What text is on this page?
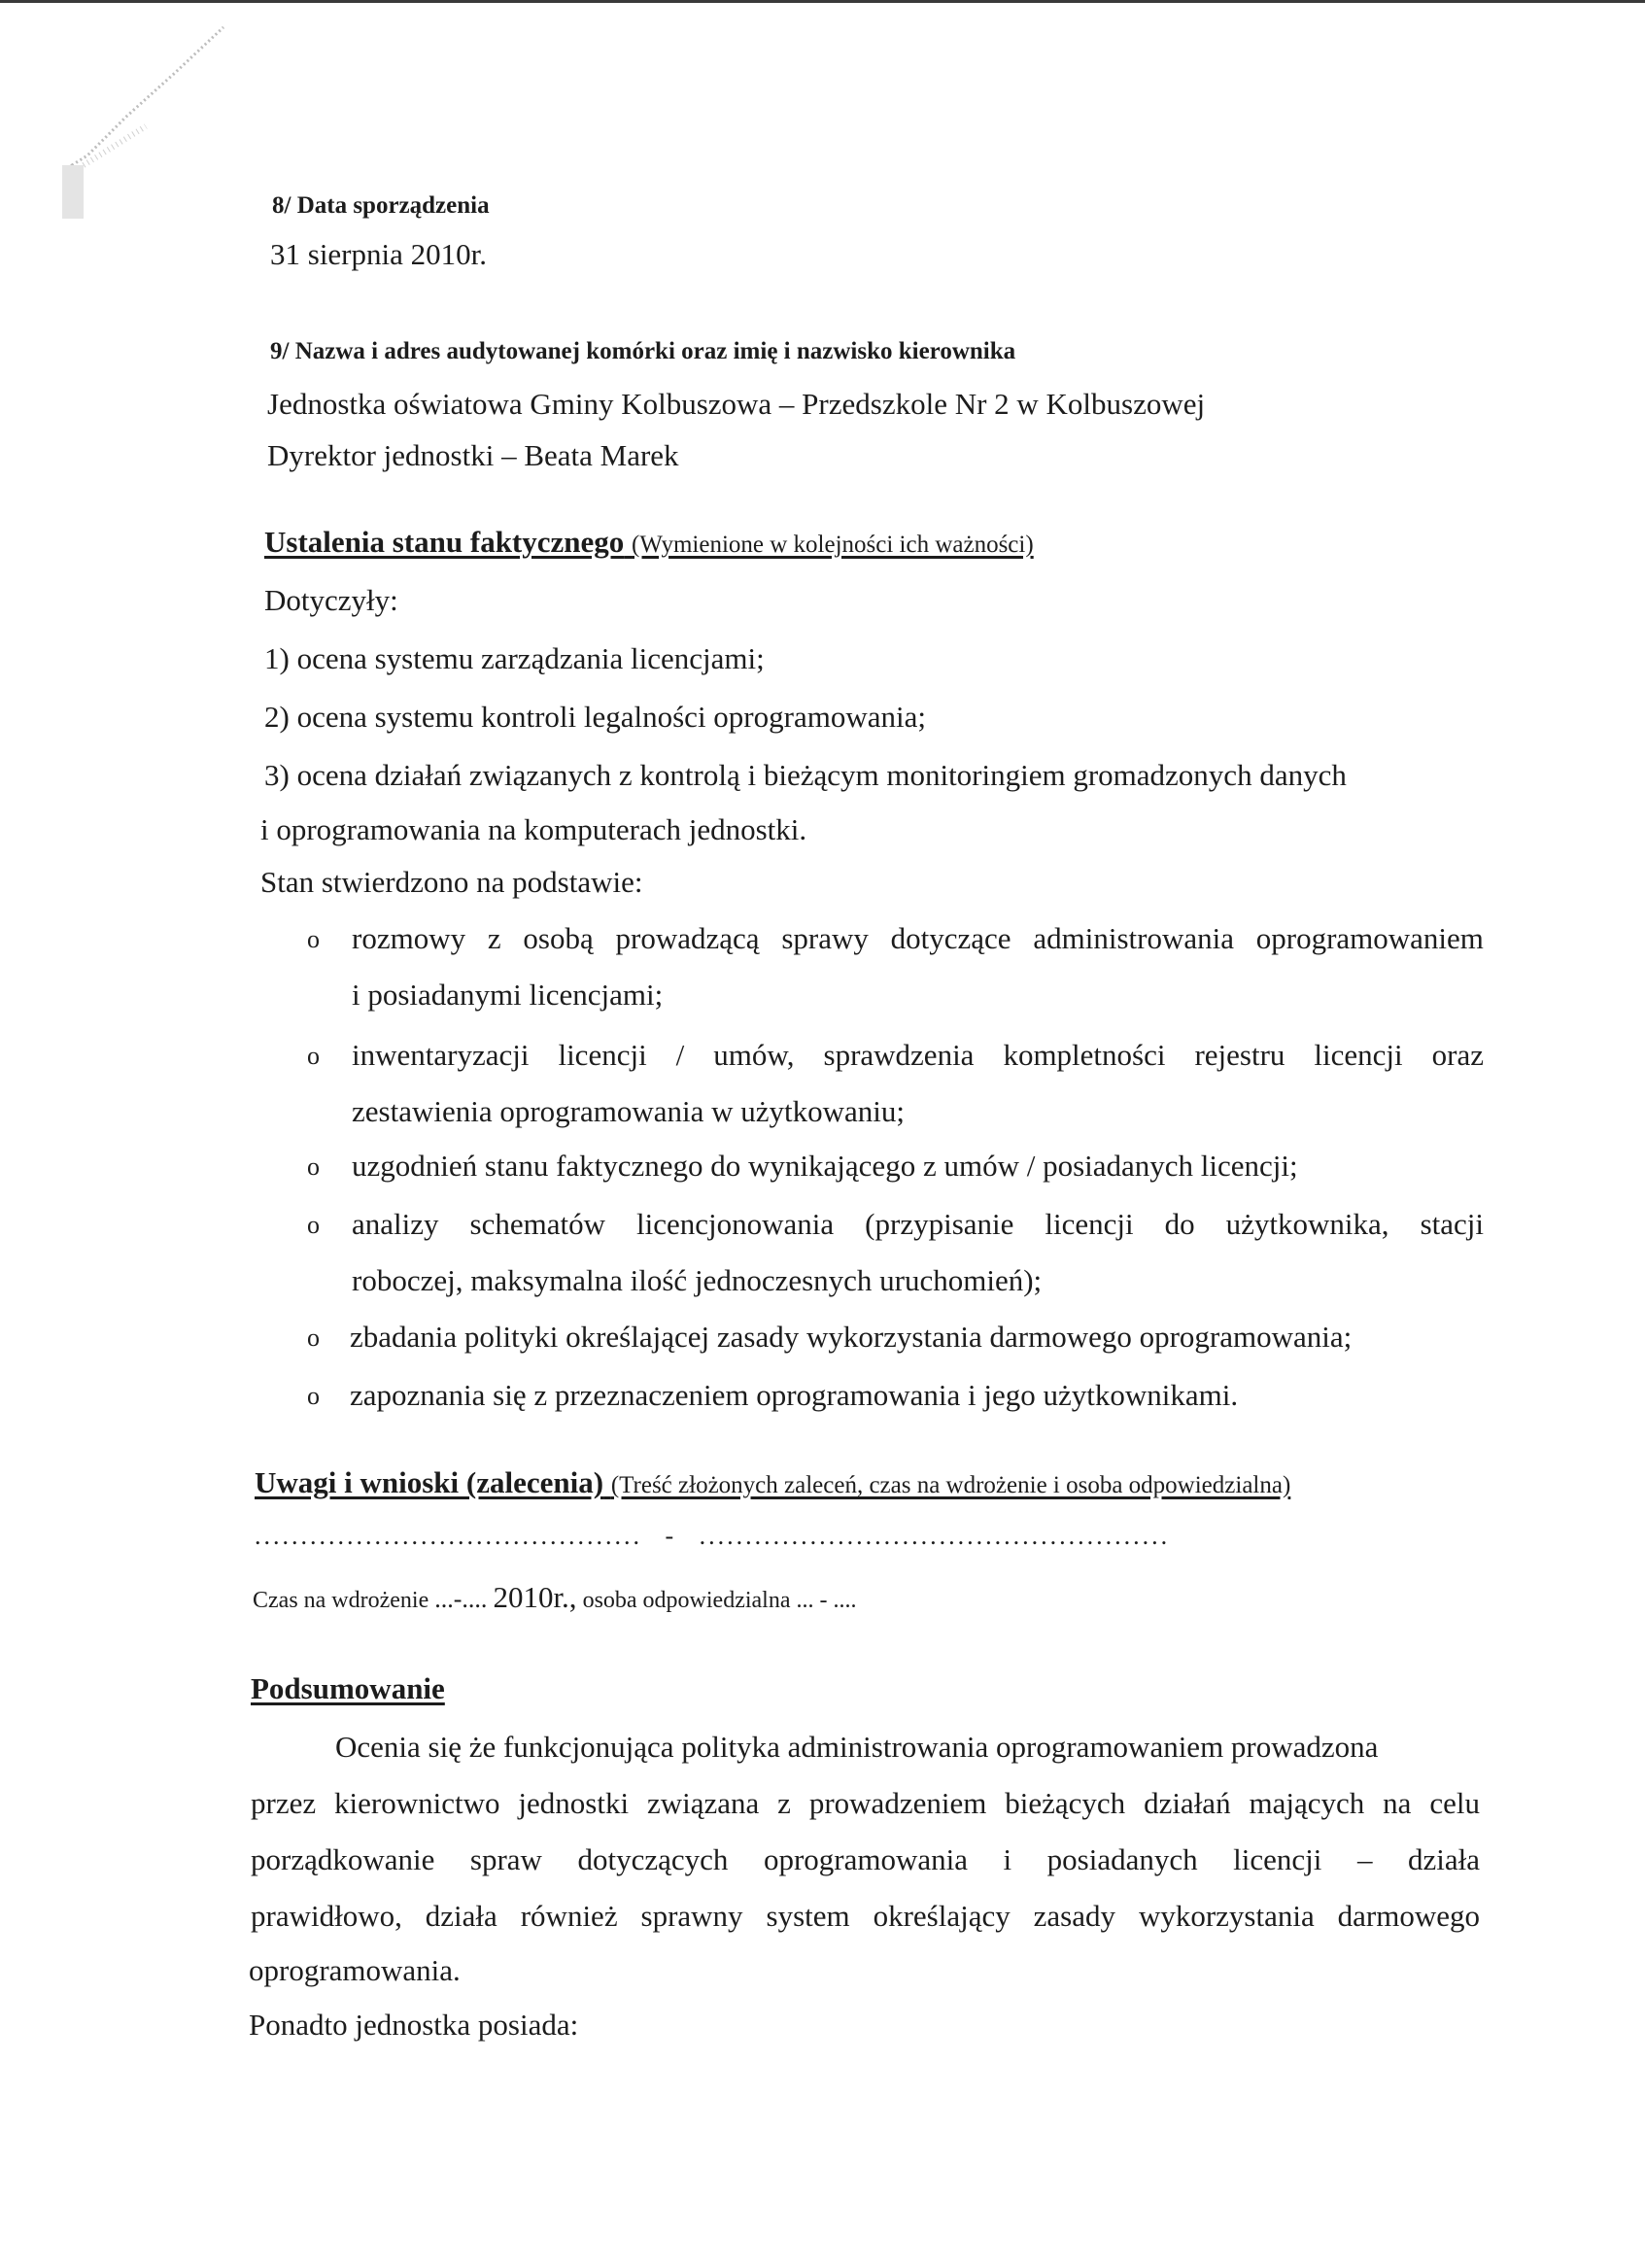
8/ Data sporządzenia
31 sierpnia 2010r.
9/ Nazwa i adres audytowanej komórki oraz imię i nazwisko kierownika
Jednostka oświatowa Gminy Kolbuszowa – Przedszkole Nr 2 w Kolbuszowej
Dyrektor jednostki – Beata Marek
Ustalenia stanu faktycznego (Wymienione w kolejności ich ważności)
Dotyczyły:
1) ocena systemu zarządzania licencjami;
2) ocena systemu kontroli legalności oprogramowania;
3) ocena działań związanych z kontrolą i bieżącym monitoringiem gromadzonych danych
i oprogramowania na komputerach jednostki.
Stan stwierdzono na podstawie:
o rozmowy z osobą prowadzącą sprawy dotyczące administrowania oprogramowaniem
i posiadanymi licencjami;
o inwentaryzacji licencji / umów, sprawdzenia kompletności rejestru licencji oraz
zestawienia oprogramowania w użytkowaniu;
o uzgodnień stanu faktycznego do wynikającego z umów / posiadanych licencji;
o analizy schematów licencjonowania (przypisanie licencji do użytkownika, stacji
roboczej, maksymalna ilość jednoczesnych uruchomień);
o zbadania polityki określającej zasady wykorzystania darmowego oprogramowania;
o zapoznania się z przeznaczeniem oprogramowania i jego użytkownikami.
Uwagi i wnioski (zalecenia) (Treść złożonych zaleceń, czas na wdrożenie i osoba odpowiedzialna)
.......................................... - ...................................................
Czas na wdrożenie ...-.... 2010r., osoba odpowiedzialna ... - ....
Podsumowanie
Ocenia się że funkcjonująca polityka administrowania oprogramowaniem prowadzona
przez kierownictwo jednostki związana z prowadzeniem bieżących działań mających na celu
porządkowanie spraw dotyczących oprogramowania i posiadanych licencji – działa
prawidłowo, działa również sprawny system określający zasady wykorzystania darmowego
oprogramowania.
Ponadto jednostka posiada:
